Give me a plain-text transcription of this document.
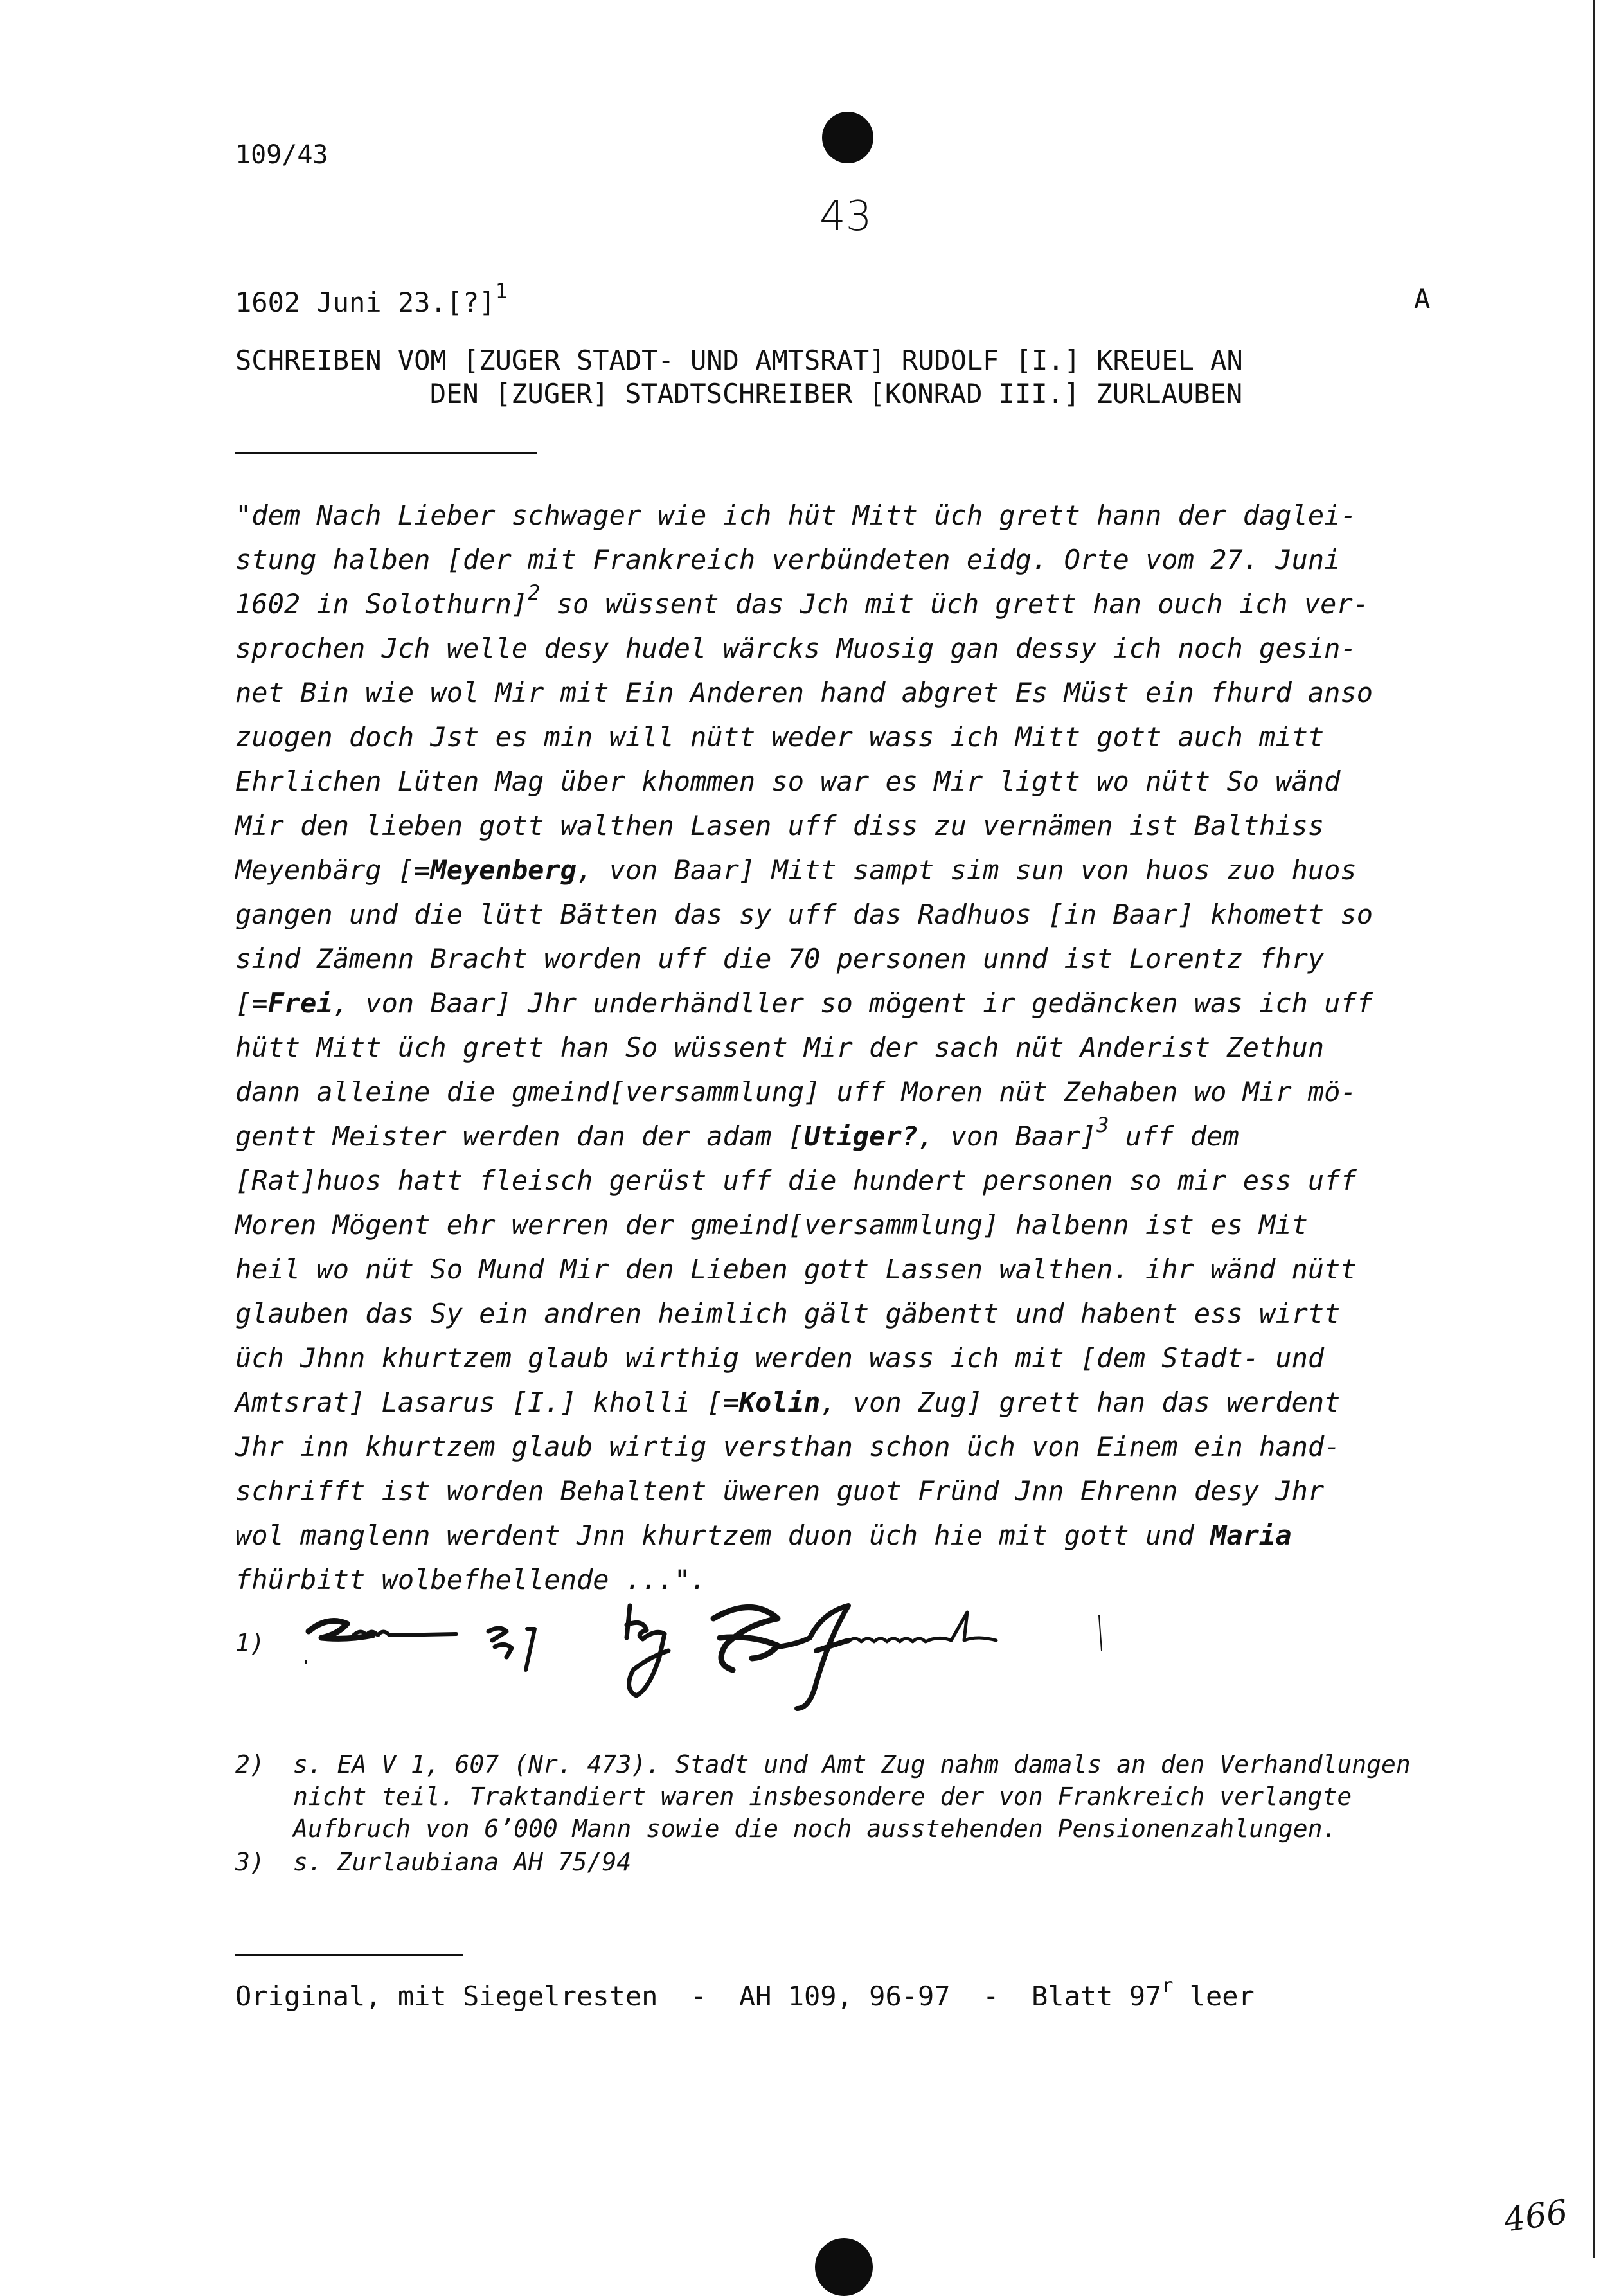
109/43
43
1602 Juni 23.[?]$^1$	A
SCHREIBEN VOM [ZUGER STADT- UND AMTSRAT] RUDOLF [I.] KREUEL AN
DEN [ZUGER] STADTSCHREIBER [KONRAD III.] ZURLAUBEN
"dem Nach Lieber schwager wie ich hüt Mitt üch grett hann der daglei-
stung halben [der mit Frankreich verbündeten eidg. Orte vom 27. Juni
1602 in Solothurn]$^2$ so wüssent das Jch mit üch grett han ouch ich ver-
sprochen Jch welle desy hudel wärcks Muosig gan dessy ich noch gesin-
net Bin wie wol Mir mit Ein Anderen hand abgret Es Müst ein fhurd anso
zuogen doch Jst es min will nütt weder wass ich Mitt gott auch mitt
Ehrlichen Lüten Mag über khommen so war es Mir ligtt wo nütt So wänd
Mir den lieben gott walthen Lasen uff diss zu vernämen ist Balthiss
Meyenbärg [=Meyenberg, von Baar] Mitt sampt sim sun von huos zuo huos
gangen und die lütt Bätten das sy uff das Radhuos [in Baar] khomett so
sind Zämenn Bracht worden uff die 70 personen unnd ist Lorentz fhry
[=Frei, von Baar] Jhr underhändller so mögent ir gedäncken was ich uff
hütt Mitt üch grett han So wüssent Mir der sach nüt Anderist Zethun
dann alleine die gmeind[versammlung] uff Moren nüt Zehaben wo Mir mö-
gentt Meister werden dan der adam [Utiger?, von Baar]$^3$ uff dem
[Rat]huos hatt fleisch gerüst uff die hundert personen so mir ess uff
Moren Mögent ehr werren der gmeind[versammlung] halbenn ist es Mit
heil wo nüt So Mund Mir den Lieben gott Lassen walthen. ihr wänd nütt
glauben das Sy ein andren heimlich gält gäbentt und habent ess wirtt
üch Jhnn khurtzem glaub wirthig werden wass ich mit [dem Stadt- und
Amtsrat] Lasarus [I.] kholli [=Kolin, von Zug] grett han das werdent
Jhr inn khurtzem glaub wirtig versthan schon üch von Einem ein hand-
schrifft ist worden Behaltent üweren guot Fründ Jnn Ehrenn desy Jhr
wol manglenn werdent Jnn khurtzem duon üch hie mit gott und Maria
fhürbitt wolbefhellende ...".
1)
2) s. EA V 1, 607 (Nr. 473). Stadt und Amt Zug nahm damals an den Verhandlungen nicht teil. Traktandiert waren insbesondere der von Frankreich verlangte Aufbruch von 6’000 Mann sowie die noch ausstehenden Pensionenzahlungen.
3) s. Zurlaubiana AH 75/94
Original, mit Siegelresten  -  AH 109, 96-97  -  Blatt 97$^r$ leer
466
